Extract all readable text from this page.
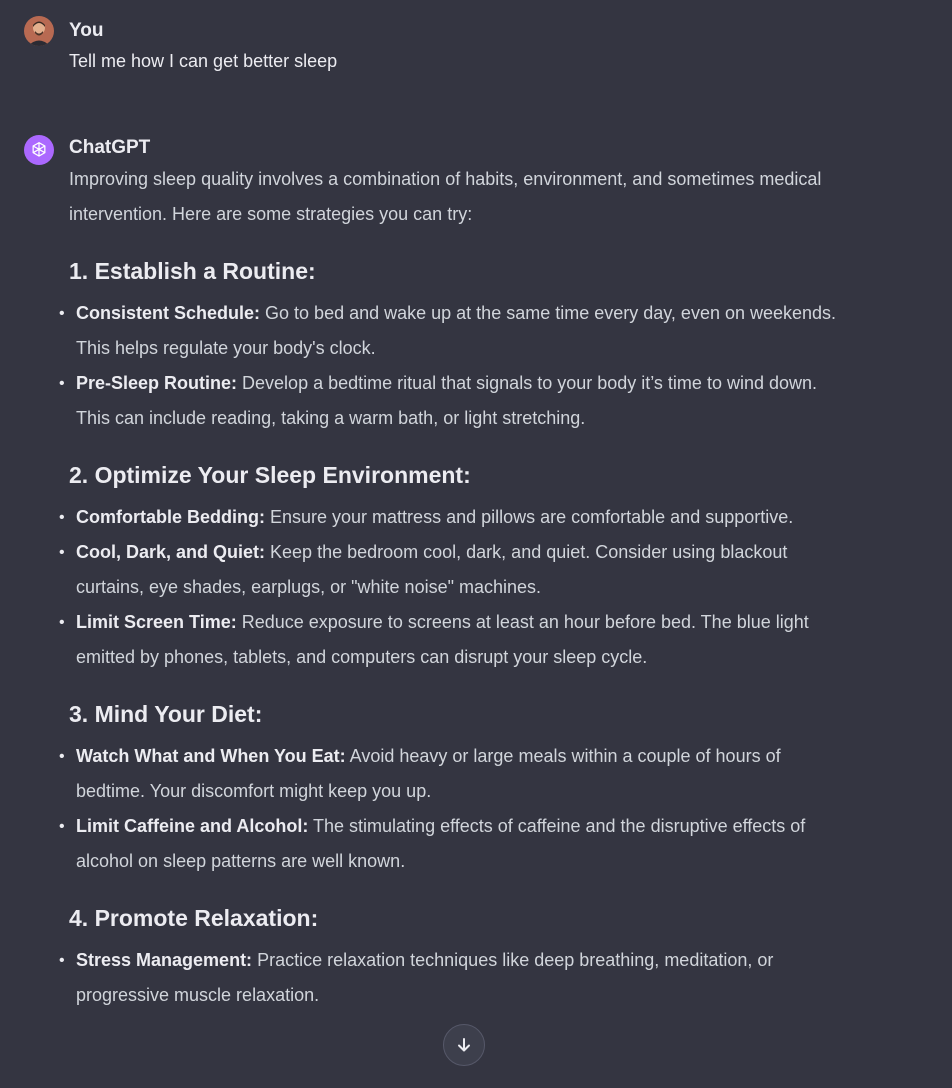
You
Tell me how I can get better sleep
ChatGPT

Improving sleep quality involves a combination of habits, environment, and sometimes medical intervention. Here are some strategies you can try:

1. Establish a Routine:
• Consistent Schedule: Go to bed and wake up at the same time every day, even on weekends. This helps regulate your body's clock.
• Pre-Sleep Routine: Develop a bedtime ritual that signals to your body it’s time to wind down. This can include reading, taking a warm bath, or light stretching.
2. Optimize Your Sleep Environment:
• Comfortable Bedding: Ensure your mattress and pillows are comfortable and supportive.
• Cool, Dark, and Quiet: Keep the bedroom cool, dark, and quiet. Consider using blackout curtains, eye shades, earplugs, or "white noise" machines.
• Limit Screen Time: Reduce exposure to screens at least an hour before bed. The blue light emitted by phones, tablets, and computers can disrupt your sleep cycle.
3. Mind Your Diet:
• Watch What and When You Eat: Avoid heavy or large meals within a couple of hours of bedtime. Your discomfort might keep you up.
• Limit Caffeine and Alcohol: The stimulating effects of caffeine and the disruptive effects of alcohol on sleep patterns are well known.
4. Promote Relaxation:
• Stress Management: Practice relaxation techniques like deep breathing, meditation, or progressive muscle relaxation.
